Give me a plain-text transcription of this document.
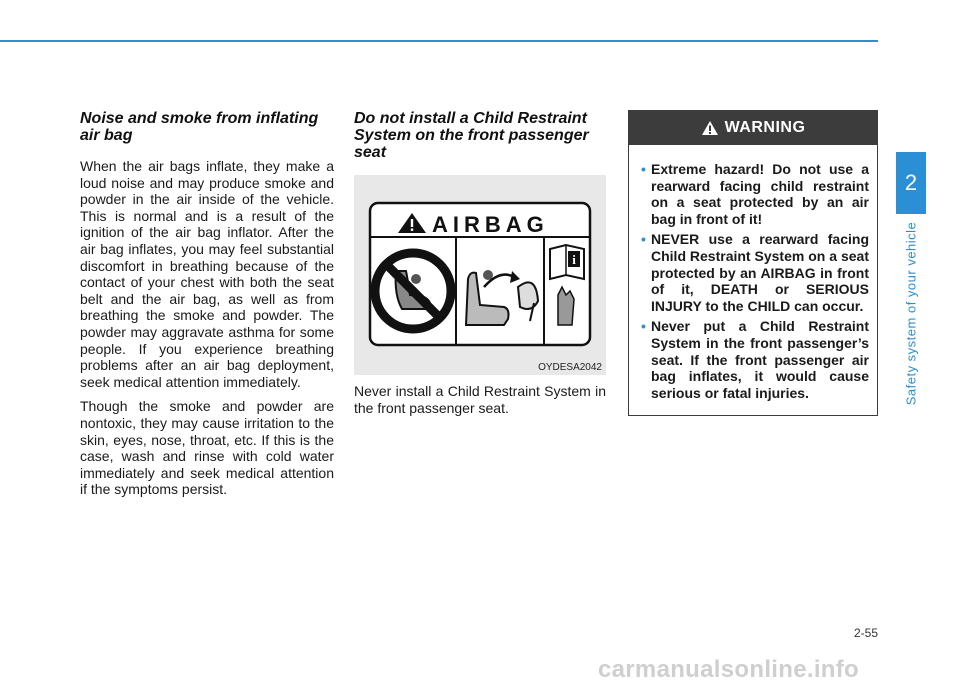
Noise and smoke from inflating air bag

When the air bags inflate, they make a loud noise and may produce smoke and powder in the air inside of the vehicle. This is normal and is a result of the ignition of the air bag inflator. After the air bag inflates, you may feel substantial discomfort in breathing because of the contact of your chest with both the seat belt and the air bag, as well as from breathing the smoke and powder. The powder may aggravate asthma for some people. If you experience breathing problems after an air bag deployment, seek medical attention immediately.

Though the smoke and powder are nontoxic, they may cause irritation to the skin, eyes, nose, throat, etc. If this is the case, wash and rinse with cold water immediately and seek medical attention if the symptoms persist.

Do not install a Child Restraint System on the front passenger seat
AIRBAG
i
OYDESA2042

Never install a Child Restraint System in the front passenger seat.

WARNING
• Extreme hazard! Do not use a rearward facing child restraint on a seat protected by an air bag in front of it!
• NEVER use a rearward facing Child Restraint System on a seat protected by an AIRBAG in front of it, DEATH or SERIOUS INJURY to the CHILD can occur.
• Never put a Child Restraint System in the front passenger’s seat. If the front passenger air bag inflates, it would cause serious or fatal injuries.
2
Safety system of your vehicle
2-55
carmanualsonline.info
